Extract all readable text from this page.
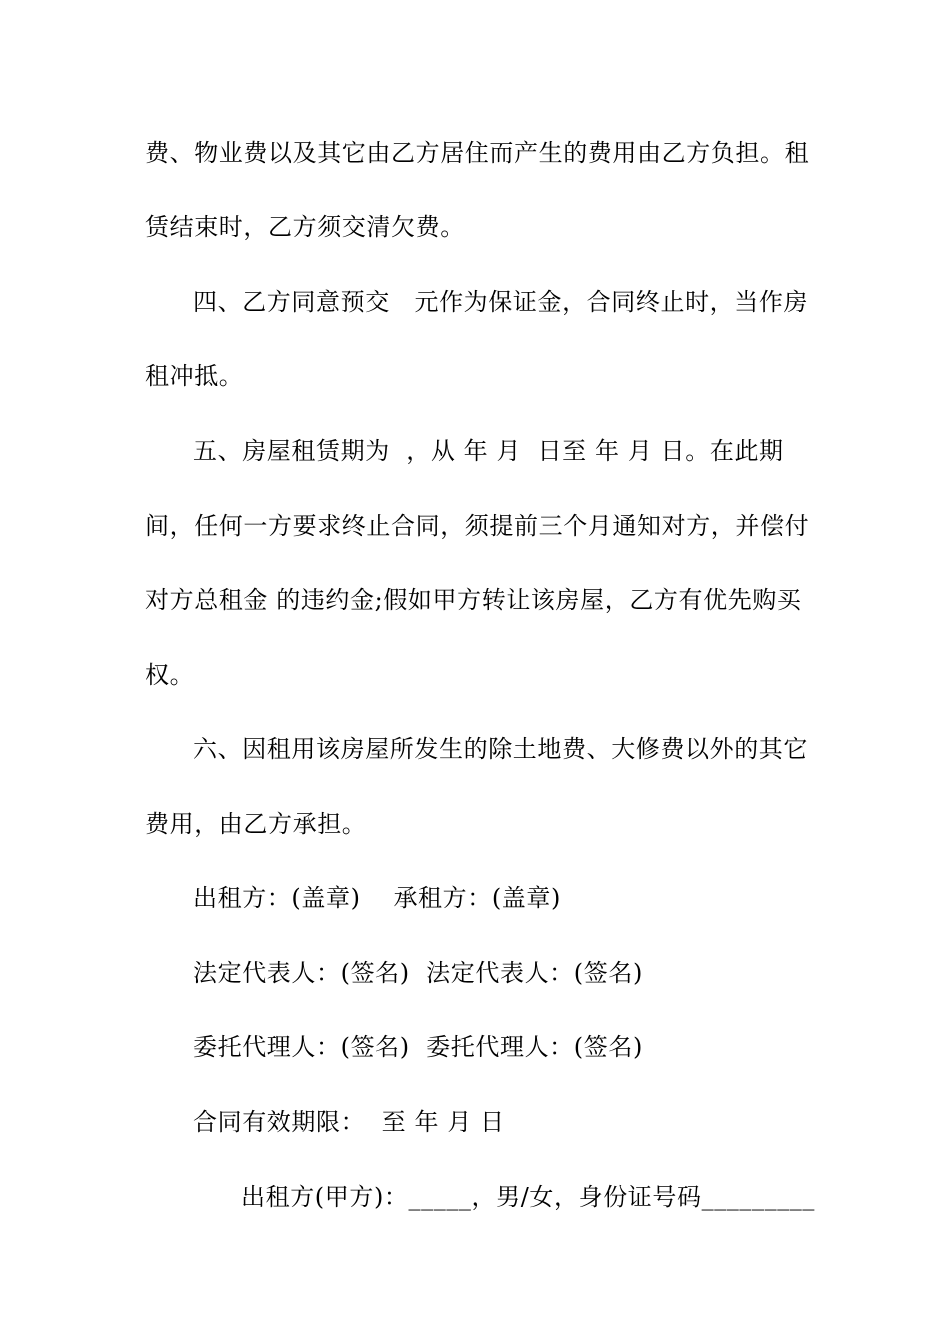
费、物业费以及其它由乙方居住而产生的费用由乙方负担。租
赁结束时，乙方须交清欠费。
四、乙方同意预交   元作为保证金，合同终止时，当作房
租冲抵。
五、房屋租赁期为  ，从 年 月  日至 年 月 日。在此期
间，任何一方要求终止合同，须提前三个月通知对方，并偿付
对方总租金 的违约金;假如甲方转让该房屋，乙方有优先购买
权。
六、因租用该房屋所发生的除土地费、大修费以外的其它
费用，由乙方承担。
出租方：(盖章)    承租方：(盖章)
法定代表人：(签名)  法定代表人：(签名)
委托代理人：(签名)  委托代理人：(签名)
合同有效期限：  至 年 月 日
出租方(甲方)：_____，男/女，身份证号码_________
